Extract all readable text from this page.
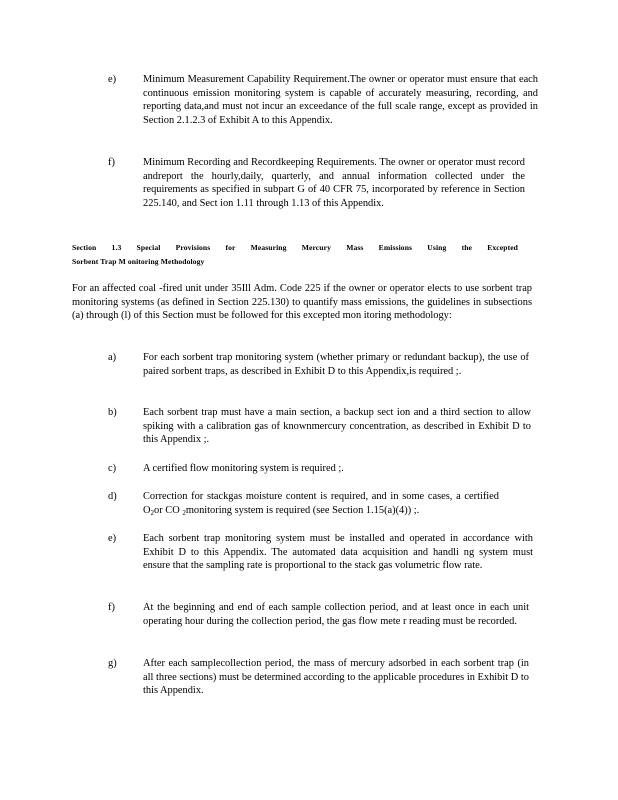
e)	Minimum Measurement Capability Requirement.The owner or operator must ensure that each continuous emission monitoring system is capable of accurately measuring, recording, and reporting data,and must not incur an exceedance of the full scale range, except as provided in Section 2.1.2.3 of Exhibit A to this Appendix.
f)	Minimum Recording and Recordkeeping Requirements. The owner or operator must record andreport the hourly,daily, quarterly, and annual information collected under the requirements as specified in subpart G of 40 CFR 75, incorporated by reference in Section 225.140, and Sect ion 1.11 through 1.13 of this Appendix.
Section 1.3 Special Provisions for Measuring Mercury Mass Emissions Using the Excepted
Sorbent Trap M onitoring Methodology
For an affected coal -fired unit under 35Ill Adm. Code 225 if the owner or operator elects to use sorbent trap monitoring systems (as defined in Section 225.130) to quantify mass emissions, the guidelines in subsections (a) through (l) of this Section must be followed for this excepted mon itoring methodology:
a)	For each sorbent trap monitoring system (whether primary or redundant backup), the use of paired sorbent traps, as described in Exhibit D to this Appendix,is required ;.
b)	Each sorbent trap must have a main section, a backup sect ion and a third section to allow spiking with a calibration gas of knownmercury concentration, as described in Exhibit D to this Appendix ;.
c)	A certified flow monitoring system is required ;.
d)	Correction for stackgas moisture content is required, and in some cases, a certified $O_2or$ CO $_2$monitoring system is required (see Section 1.15(a)(4)) ;.
e)	Each sorbent trap monitoring system must be installed and operated in accordance with Exhibit D to this Appendix. The automated data acquisition and handli ng system must ensure that the sampling rate is proportional to the stack gas volumetric flow rate.
f)	At the beginning and end of each sample collection period, and at least once in each unit operating hour during the collection period, the gas flow mete r reading must be recorded.
g)	After each samplecollection period, the mass of mercury adsorbed in each sorbent trap (in all three sections) must be determined according to the applicable procedures in Exhibit D to this Appendix.
